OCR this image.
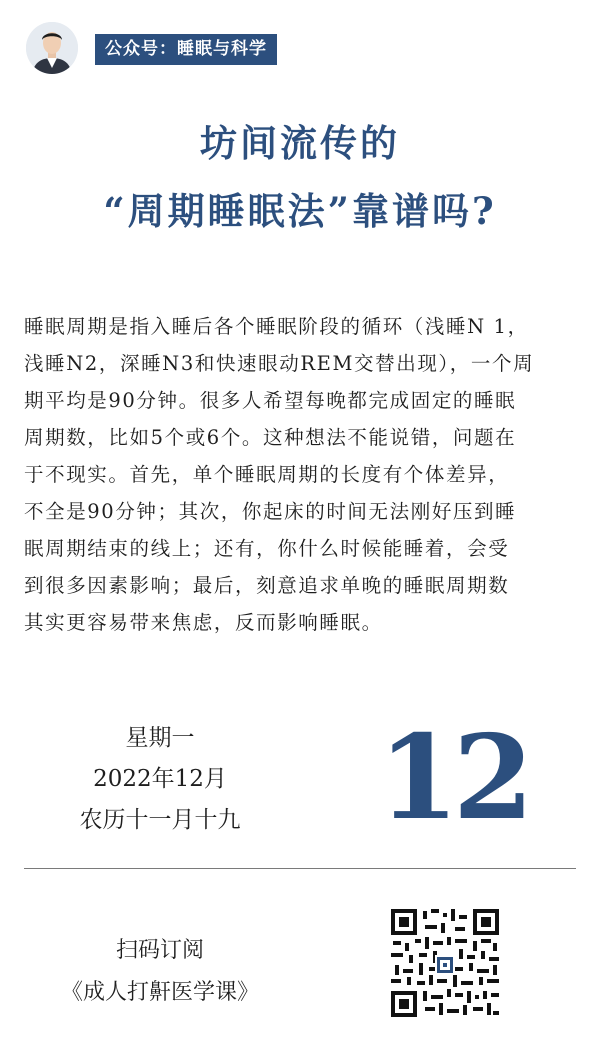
公众号：睡眠与科学
坊间流传的
“周期睡眠法”靠谱吗?
睡眠周期是指入睡后各个睡眠阶段的循环（浅睡N 1，
浅睡N2，深睡N3和快速眼动REM交替出现），一个周
期平均是90分钟。很多人希望每晚都完成固定的睡眠
周期数，比如5个或6个。这种想法不能说错，问题在
于不现实。首先，单个睡眠周期的长度有个体差异，
不全是90分钟；其次，你起床的时间无法刚好压到睡
眠周期结束的线上；还有，你什么时候能睡着，会受
到很多因素影响；最后，刻意追求单晚的睡眠周期数
其实更容易带来焦虑，反而影响睡眠。
星期一
2022年12月
农历十一月十九	12
扫码订阅
《成人打鼾医学课》
